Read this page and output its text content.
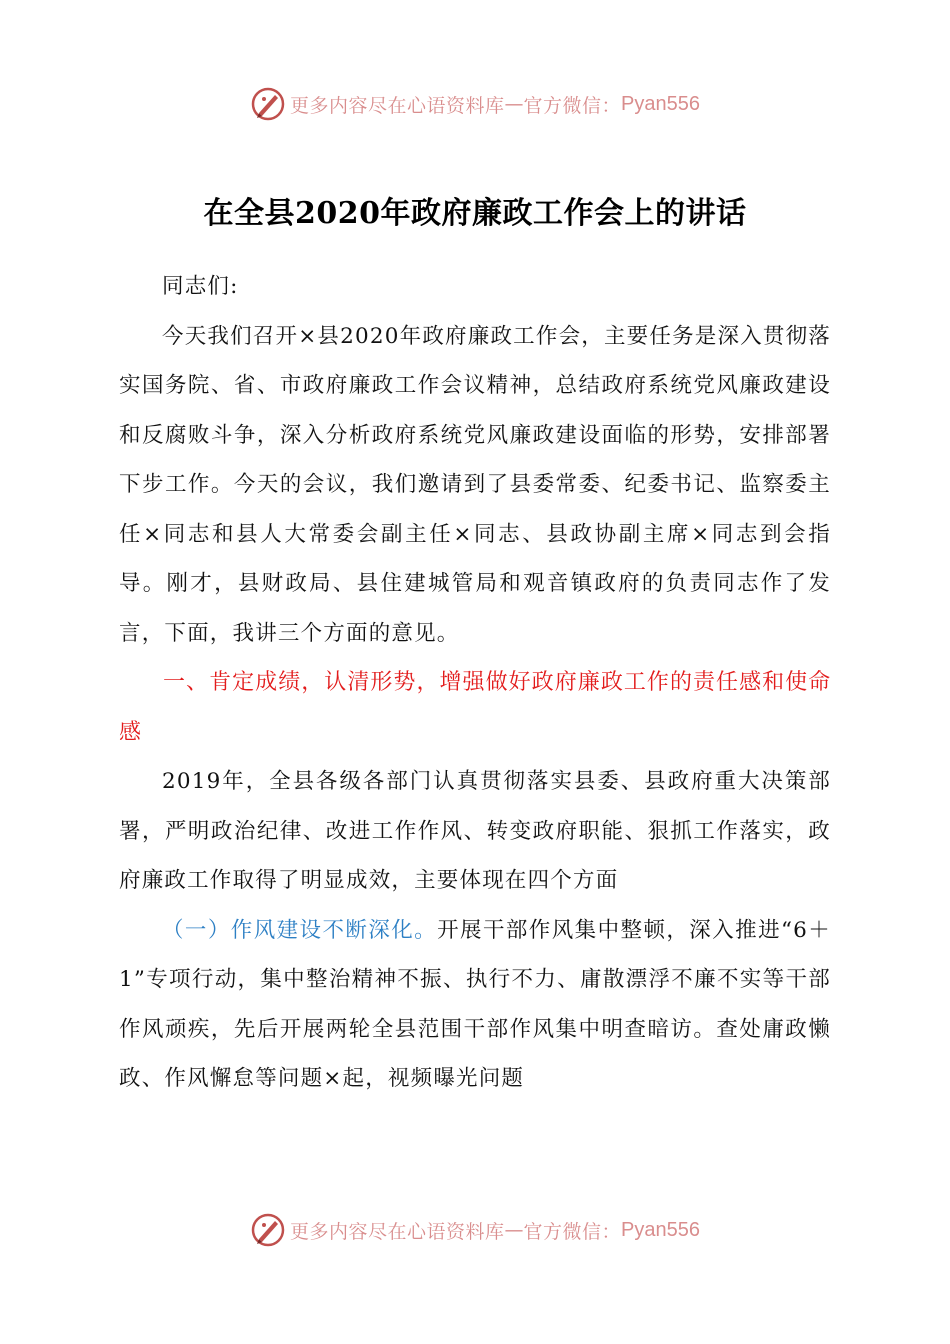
更多内容尽在心语资料库 — 官方微信： Pyan556
在全县2020年政府廉政工作会上的讲话

同志们:

今天我们召开×县2020年政府廉政工作会，主要任务是深入贯彻落实国务院、省、市政府廉政工作会议精神，总结政府系统党风廉政建设和反腐败斗争，深入分析政府系统党风廉政建设面临的形势，安排部署下步工作。今天的会议，我们邀请到了县委常委、纪委书记、监察委主任×同志和县人大常委会副主任×同志、县政协副主席×同志到会指导。刚才，县财政局、县住建城管局和观音镇政府的负责同志作了发言，下面，我讲三个方面的意见。

一、肯定成绩，认清形势，增强做好政府廉政工作的责任感和使命感

2019年，全县各级各部门认真贯彻落实县委、县政府重大决策部署，严明政治纪律、改进工作作风、转变政府职能、狠抓工作落实，政府廉政工作取得了明显成效，主要体现在四个方面

（一）作风建设不断深化。开展干部作风集中整顿，深入推进“6＋1”专项行动，集中整治精神不振、执行不力、庸散漂浮不廉不实等干部作风顽疾，先后开展两轮全县范围干部作风集中明查暗访。查处庸政懒政、作风懈怠等问题×起，视频曝光问题

更多内容尽在心语资料库 — 官方微信： Pyan556
